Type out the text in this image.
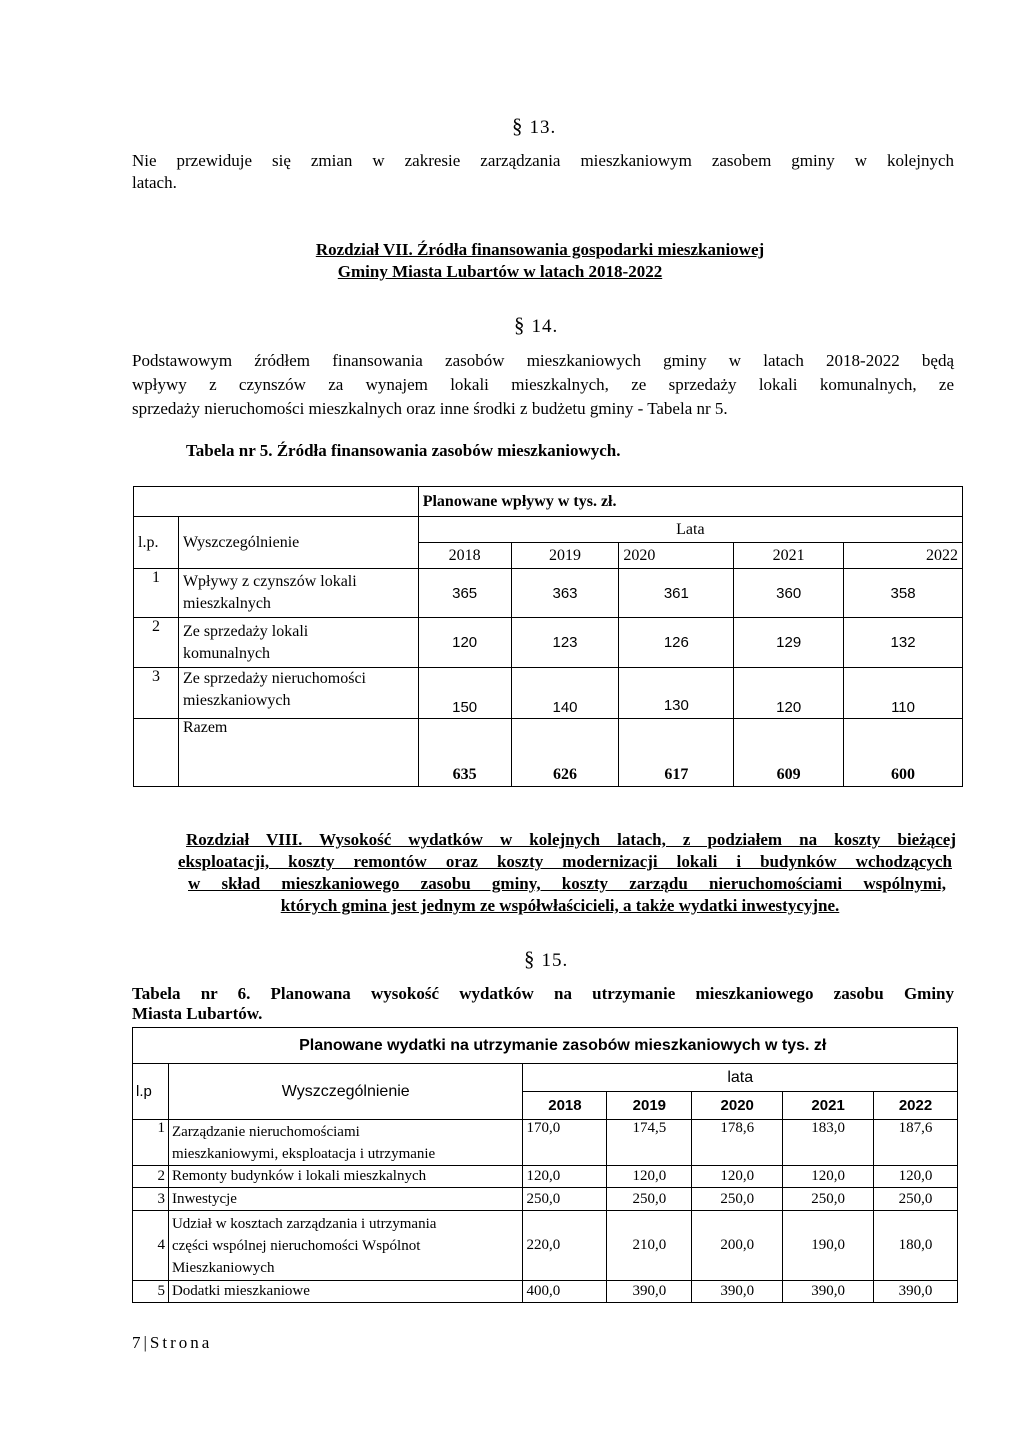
§ 13.
Nie przewiduje się zmian w zakresie zarządzania mieszkaniowym zasobem gminy w kolejnych
latach.
Rozdział VII. Źródła finansowania gospodarki mieszkaniowej
Gminy Miasta Lubartów w latach 2018-2022
§ 14.
Podstawowym źródłem finansowania zasobów mieszkaniowych gminy w latach 2018-2022 będą
wpływy z czynszów za wynajem lokali mieszkalnych, ze sprzedaży lokali komunalnych, ze
sprzedaży nieruchomości mieszkalnych oraz inne środki z budżetu gminy - Tabela nr 5.
Tabela nr 5. Źródła finansowania zasobów mieszkaniowych.
		Planowane wpływy w tys. zł.				
l.p.	Wyszczególnienie	Lata				
		2018	2019	2020	2021	2022
1	Wpływy z czynszów lokali
mieszkalnych	365	363	361	360	358
2	Ze sprzedaży lokali
komunalnych	120	123	126	129	132
3	Ze sprzedaży nieruchomości
mieszkaniowych	150	140	130	120	110
	Razem	635	626	617	609	600
Rozdział VIII. Wysokość wydatków w kolejnych latach, z podziałem na koszty bieżącej
eksploatacji, koszty remontów oraz koszty modernizacji lokali i budynków wchodzących
w skład mieszkaniowego zasobu gminy, koszty zarządu nieruchomościami wspólnymi,
których gmina jest jednym ze współwłaścicieli, a także wydatki inwestycyjne.
§ 15.
Tabela nr 6. Planowana wysokość wydatków na utrzymanie mieszkaniowego zasobu Gminy
Miasta Lubartów.
	Planowane wydatki na utrzymanie zasobów mieszkaniowych w tys. zł					
l.p	Wyszczególnienie	lata				
		2018	2019	2020	2021	2022
1	Zarządzanie nieruchomościami
mieszkaniowymi, eksploatacja i utrzymanie	170,0	174,5	178,6	183,0	187,6
2	Remonty budynków i lokali mieszkalnych	120,0	120,0	120,0	120,0	120,0
3	Inwestycje	250,0	250,0	250,0	250,0	250,0
4	Udział w kosztach zarządzania i utrzymania
części wspólnej nieruchomości Wspólnot
Mieszkaniowych	220,0	210,0	200,0	190,0	180,0
5	Dodatki mieszkaniowe	400,0	390,0	390,0	390,0	390,0
7|Strona
